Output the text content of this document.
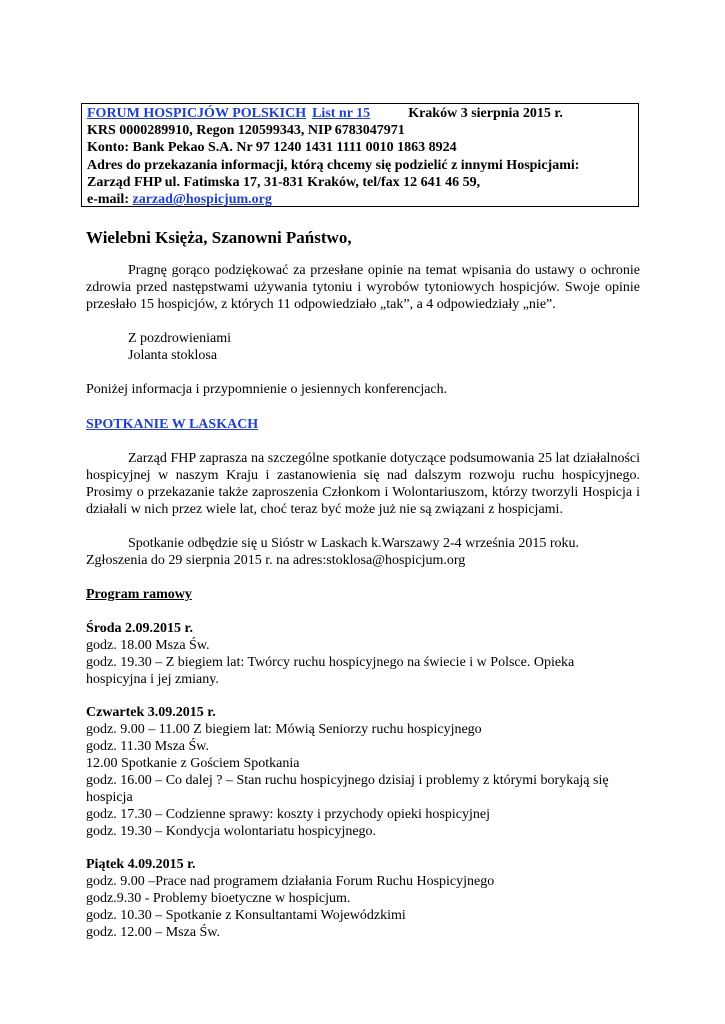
FORUM HOSPICJÓW POLSKICH List nr 15	Kraków 3 sierpnia 2015 r.
KRS 0000289910, Regon 120599343, NIP 6783047971
Konto: Bank Pekao S.A. Nr 97 1240 1431 1111 0010 1863 8924
Adres do przekazania informacji, którą chcemy się podzielić z innymi Hospicjami:
Zarząd FHP ul. Fatimska 17, 31-831 Kraków, tel/fax 12 641 46 59,
e-mail: zarzad@hospicjum.org
Wielebni Księża, Szanowni Państwo,
Pragnę gorąco podziękować za przesłane opinie na temat wpisania do ustawy o ochronie zdrowia przed następstwami używania tytoniu i wyrobów tytoniowych hospicjów. Swoje opinie przesłało 15 hospicjów, z których 11 odpowiedziało „tak”, a 4 odpowiedziały „nie”.
Z pozdrowieniami
Jolanta stoklosa
Poniżej informacja i przypomnienie o jesiennych konferencjach.
SPOTKANIE W LASKACH
Zarząd FHP zaprasza na szczególne spotkanie dotyczące podsumowania 25 lat działalności hospicyjnej w naszym Kraju i zastanowienia się nad dalszym rozwoju ruchu hospicyjnego. Prosimy o przekazanie także zaproszenia Członkom i Wolontariuszom, którzy tworzyli Hospicja i działali w nich przez wiele lat, choć teraz być może już nie są związani z hospicjami.
Spotkanie odbędzie się u Sióstr w Laskach k.Warszawy 2-4 września 2015 roku.
Zgłoszenia do 29 sierpnia 2015 r. na adres:stoklosa@hospicjum.org
Program ramowy
Środa 2.09.2015 r.
godz. 18.00 Msza Św.
godz. 19.30 – Z biegiem lat: Twórcy ruchu hospicyjnego na świecie i w Polsce. Opieka
hospicyjna i jej zmiany.
Czwartek 3.09.2015 r.
godz. 9.00 – 11.00 Z biegiem lat: Mówią Seniorzy ruchu hospicyjnego
godz. 11.30 Msza Św.
12.00 Spotkanie z Gościem Spotkania
godz. 16.00 – Co dalej ? – Stan ruchu hospicyjnego dzisiaj i problemy z którymi borykają się
hospicja
godz. 17.30 – Codzienne sprawy: koszty i przychody opieki hospicyjnej
godz. 19.30 – Kondycja wolontariatu hospicyjnego.
Piątek 4.09.2015 r.
godz. 9.00 –Prace nad programem działania Forum Ruchu Hospicyjnego
godz.9.30 - Problemy bioetyczne w hospicjum.
godz. 10.30 – Spotkanie z Konsultantami Wojewódzkimi
godz. 12.00 – Msza Św.
